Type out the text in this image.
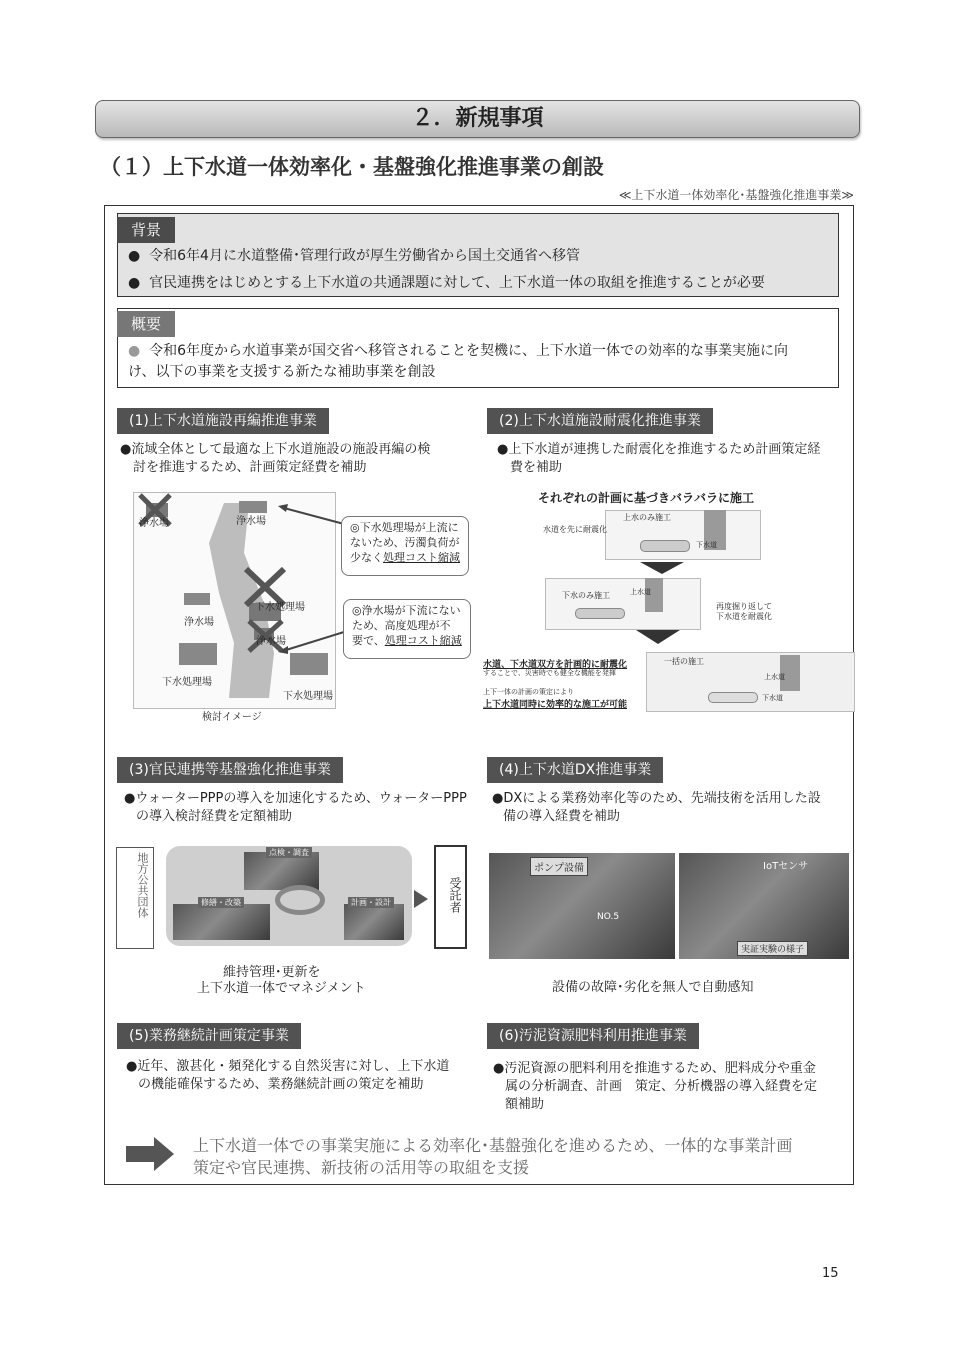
２．新規事項
（１）上下水道一体効率化・基盤強化推進事業の創設
≪上下水道一体効率化･基盤強化推進事業≫
背景
●  令和6年4月に水道整備･管理行政が厚生労働省から国土交通省へ移管
●  官民連携をはじめとする上下水道の共通課題に対して、上下水道一体の取組を推進することが必要
概要
● 令和6年度から水道事業が国交省へ移管されることを契機に、上下水道一体での効率的な事業実施に向
け、以下の事業を支援する新たな補助事業を創設
(1)上下水道施設再編推進事業
●流域全体として最適な上下水道施設の施設再編の検
討を推進するため、計画策定経費を補助
浄水場	浄水場
下水処理場
浄水場
浄水場
下水処理場
下水処理場
検討イメージ
◎下水処理場が上流に
ないため、汚濁負荷が
少なく処理コスト縮減
◎浄水場が下流にない
ため、高度処理が不
要で、処理コスト縮減
(2)上下水道施設耐震化推進事業
●上下水道が連携した耐震化を推進するため計画策定経
費を補助
それぞれの計画に基づきバラバラに施工
上水のみ施工
水道を先に耐震化
下水道
下水のみ施工	上水道
再度掘り返して
下水道を耐震化
一括の施工
下水道
上水道
水道、下水道双方を計画的に耐震化
することで、災害時でも健全な機能を発揮
上下一体の計画の策定により
上下水道同時に効率的な施工が可能
(3)官民連携等基盤強化推進事業
●ウォーターPPPの導入を加速化するため、ウォーターPPP
の導入検討経費を定額補助
地方公共団体	点検・調査
修繕・改築	計画・設計	受託者
維持管理･更新を
上下水道一体でマネジメント
(4)上下水道DX推進事業
●DXによる業務効率化等のため、先端技術を活用した設
備の導入経費を補助
ポンプ設備
NO.5
IoTセンサ
実証実験の様子
設備の故障･劣化を無人で自動感知
(5)業務継続計画策定事業
●近年、激甚化・頻発化する自然災害に対し、上下水道
の機能確保するため、業務継続計画の策定を補助
(6)汚泥資源肥料利用推進事業
●汚泥資源の肥料利用を推進するため、肥料成分や重金
属の分析調査、計画　策定、分析機器の導入経費を定
額補助
上下水道一体での事業実施による効率化･基盤強化を進めるため、一体的な事業計画
策定や官民連携、新技術の活用等の取組を支援
15
